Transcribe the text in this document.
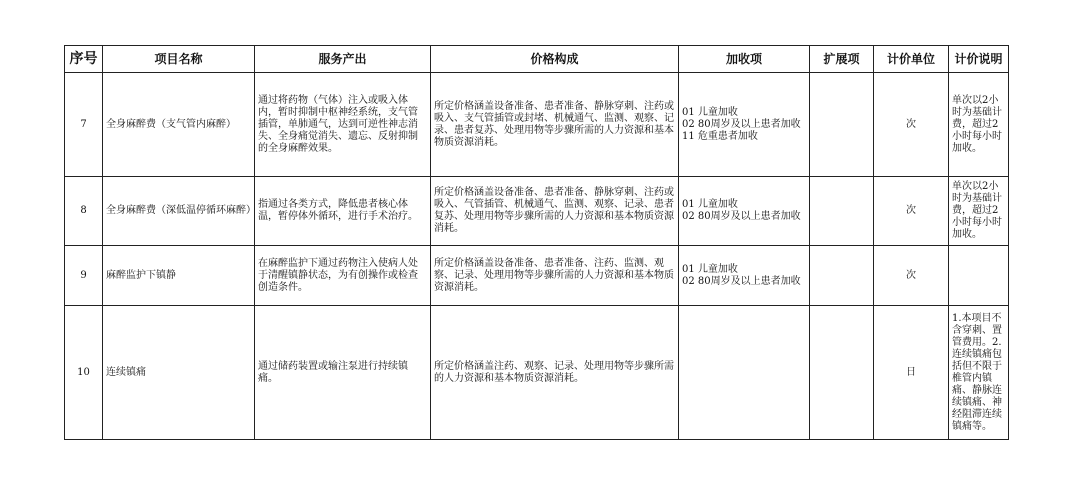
序号	项目名称	服务产出	价格构成	加收项	扩展项	计价单位	计价说明
7	全身麻醉费（支气管内麻醉）	通过将药物（气体）注入或吸入体内，暂时抑制中枢神经系统，支气管插管，单肺通气，达到可逆性神志消失、全身痛觉消失、遗忘、反射抑制的全身麻醉效果。	所定价格涵盖设备准备、患者准备、静脉穿刺、注药或吸入、支气管插管或封堵、机械通气、监测、观察、记录、患者复苏、处理用物等步骤所需的人力资源和基本物质资源消耗。	01 儿童加收
02 80周岁及以上患者加收
11 危重患者加收		次	单次以2小时为基础计费，超过2小时每小时加收。
8	全身麻醉费（深低温停循环麻醉）	指通过各类方式，降低患者核心体温，暂停体外循环，进行手术治疗。	所定价格涵盖设备准备、患者准备、静脉穿刺、注药或吸入、气管插管、机械通气、监测、观察、记录、患者复苏、处理用物等步骤所需的人力资源和基本物质资源消耗。	01 儿童加收
02 80周岁及以上患者加收		次	单次以2小时为基础计费，超过2小时每小时加收。
9	麻醉监护下镇静	在麻醉监护下通过药物注入使病人处于清醒镇静状态，为有创操作或检查创造条件。	所定价格涵盖设备准备、患者准备、注药、监测、观察、记录、处理用物等步骤所需的人力资源和基本物质资源消耗。	01 儿童加收
02 80周岁及以上患者加收		次	
10	连续镇痛	通过储药装置或输注泵进行持续镇痛。	所定价格涵盖注药、观察、记录、处理用物等步骤所需的人力资源和基本物质资源消耗。			日	1.本项目不含穿刺、置管费用。2.连续镇痛包括但不限于椎管内镇痛、静脉连续镇痛、神经阻滞连续镇痛等。
